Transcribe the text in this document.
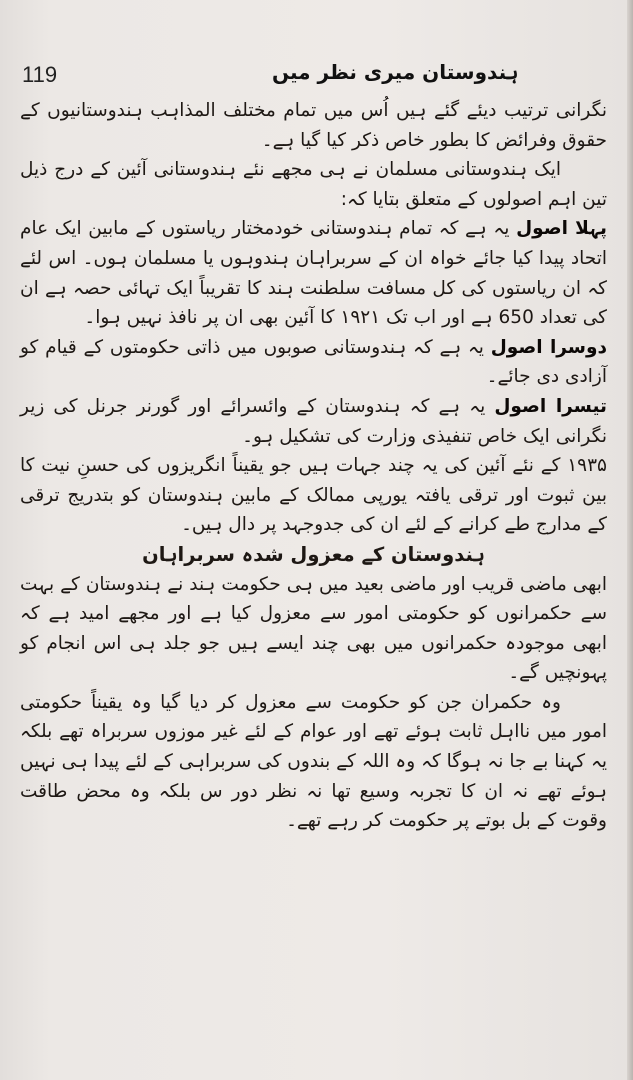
119	ہندوستان میری نظر میں

نگرانی ترتیب دیئے گئے ہیں اُس میں تمام مختلف المذاہب ہندوستانیوں کے حقوق وفرائض کا بطور خاص ذکر کیا گیا ہے۔

ایک ہندوستانی مسلمان نے ہی مجھے نئے ہندوستانی آئین کے درج ذیل تین اہم اصولوں کے متعلق بتایا کہ:

پہلا اصول یہ ہے کہ تمام ہندوستانی خودمختار ریاستوں کے مابین ایک عام اتحاد پیدا کیا جائے خواہ ان کے سربراہان ہندوہوں یا مسلمان ہوں۔ اس لئے کہ ان ریاستوں کی کل مسافت سلطنت ہند کا تقریباً ایک تہائی حصہ ہے ان کی تعداد 650 ہے اور اب تک ۱۹۲۱ کا آئین بھی ان پر نافذ نہیں ہوا۔

دوسرا اصول یہ ہے کہ ہندوستانی صوبوں میں ذاتی حکومتوں کے قیام کو آزادی دی جائے۔

تیسرا اصول یہ ہے کہ ہندوستان کے وائسرائے اور گورنر جرنل کی زیر نگرانی ایک خاص تنفیذی وزارت کی تشکیل ہو۔

۱۹۳۵ کے نئے آئین کی یہ چند جہات ہیں جو یقیناً انگریزوں کی حسنِ نیت کا بین ثبوت اور ترقی یافتہ یورپی ممالک کے مابین ہندوستان کو بتدریج ترقی کے مدارج طے کرانے کے لئے ان کی جدوجہد پر دال ہیں۔

ہندوستان کے معزول شدہ سربراہان

ابھی ماضی قریب اور ماضی بعید میں ہی حکومت ہند نے ہندوستان کے بہت سے حکمرانوں کو حکومتی امور سے معزول کیا ہے اور مجھے امید ہے کہ ابھی موجودہ حکمرانوں میں بھی چند ایسے ہیں جو جلد ہی اس انجام کو پہونچیں گے۔

وہ حکمران جن کو حکومت سے معزول کر دیا گیا وہ یقیناً حکومتی امور میں نااہل ثابت ہوئے تھے اور عوام کے لئے غیر موزوں سربراہ تھے بلکہ یہ کہنا بے جا نہ ہوگا کہ وہ اللہ کے بندوں کی سربراہی کے لئے پیدا ہی نہیں ہوئے تھے نہ ان کا تجربہ وسیع تھا نہ نظر دور س بلکہ وہ محض طاقت وقوت کے بل بوتے پر حکومت کر رہے تھے۔
